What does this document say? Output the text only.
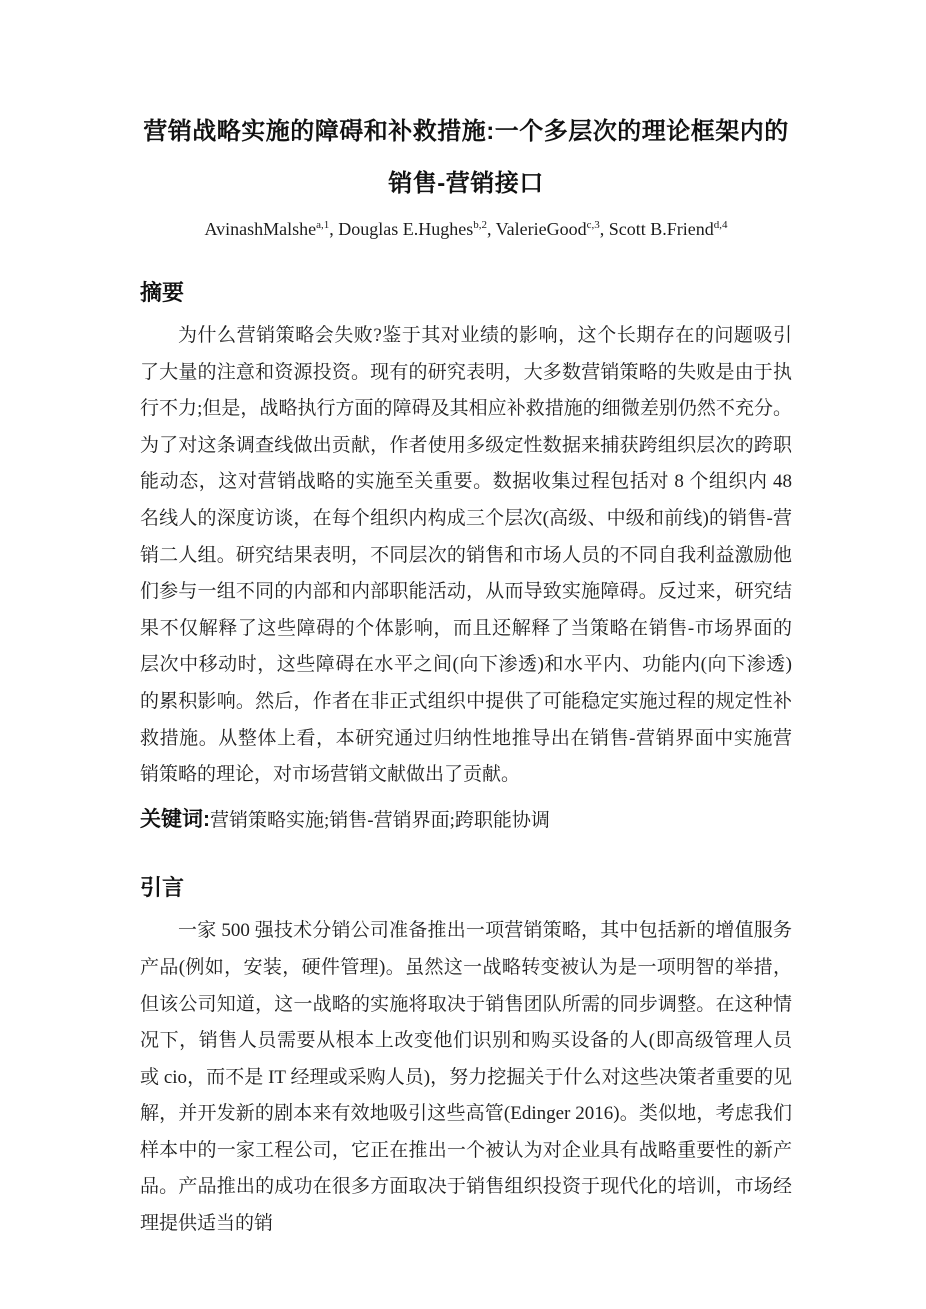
营销战略实施的障碍和补救措施:一个多层次的理论框架内的销售-营销接口
AvinashMalshe$^{a,1}$, Douglas E.Hughes$^{b,2}$, ValerieGood$^{c,3}$, Scott B.Friend$^{d,4}$
摘要

为什么营销策略会失败?鉴于其对业绩的影响，这个长期存在的问题吸引了大量的注意和资源投资。现有的研究表明，大多数营销策略的失败是由于执行不力;但是，战略执行方面的障碍及其相应补救措施的细微差别仍然不充分。为了对这条调查线做出贡献，作者使用多级定性数据来捕获跨组织层次的跨职能动态，这对营销战略的实施至关重要。数据收集过程包括对 8 个组织内 48 名线人的深度访谈，在每个组织内构成三个层次(高级、中级和前线)的销售-营销二人组。研究结果表明，不同层次的销售和市场人员的不同自我利益激励他们参与一组不同的内部和内部职能活动，从而导致实施障碍。反过来，研究结果不仅解释了这些障碍的个体影响，而且还解释了当策略在销售-市场界面的层次中移动时，这些障碍在水平之间(向下渗透)和水平内、功能内(向下渗透)的累积影响。然后，作者在非正式组织中提供了可能稳定实施过程的规定性补救措施。从整体上看，本研究通过归纳性地推导出在销售-营销界面中实施营销策略的理论，对市场营销文献做出了贡献。

关键词:营销策略实施;销售-营销界面;跨职能协调

引言

一家 500 强技术分销公司准备推出一项营销策略，其中包括新的增值服务产品(例如，安装，硬件管理)。虽然这一战略转变被认为是一项明智的举措，但该公司知道，这一战略的实施将取决于销售团队所需的同步调整。在这种情况下，销售人员需要从根本上改变他们识别和购买设备的人(即高级管理人员或 cio，而不是 IT 经理或采购人员)，努力挖掘关于什么对这些决策者重要的见解，并开发新的剧本来有效地吸引这些高管(Edinger 2016)。类似地，考虑我们样本中的一家工程公司，它正在推出一个被认为对企业具有战略重要性的新产品。产品推出的成功在很多方面取决于销售组织投资于现代化的培训，市场经理提供适当的销
